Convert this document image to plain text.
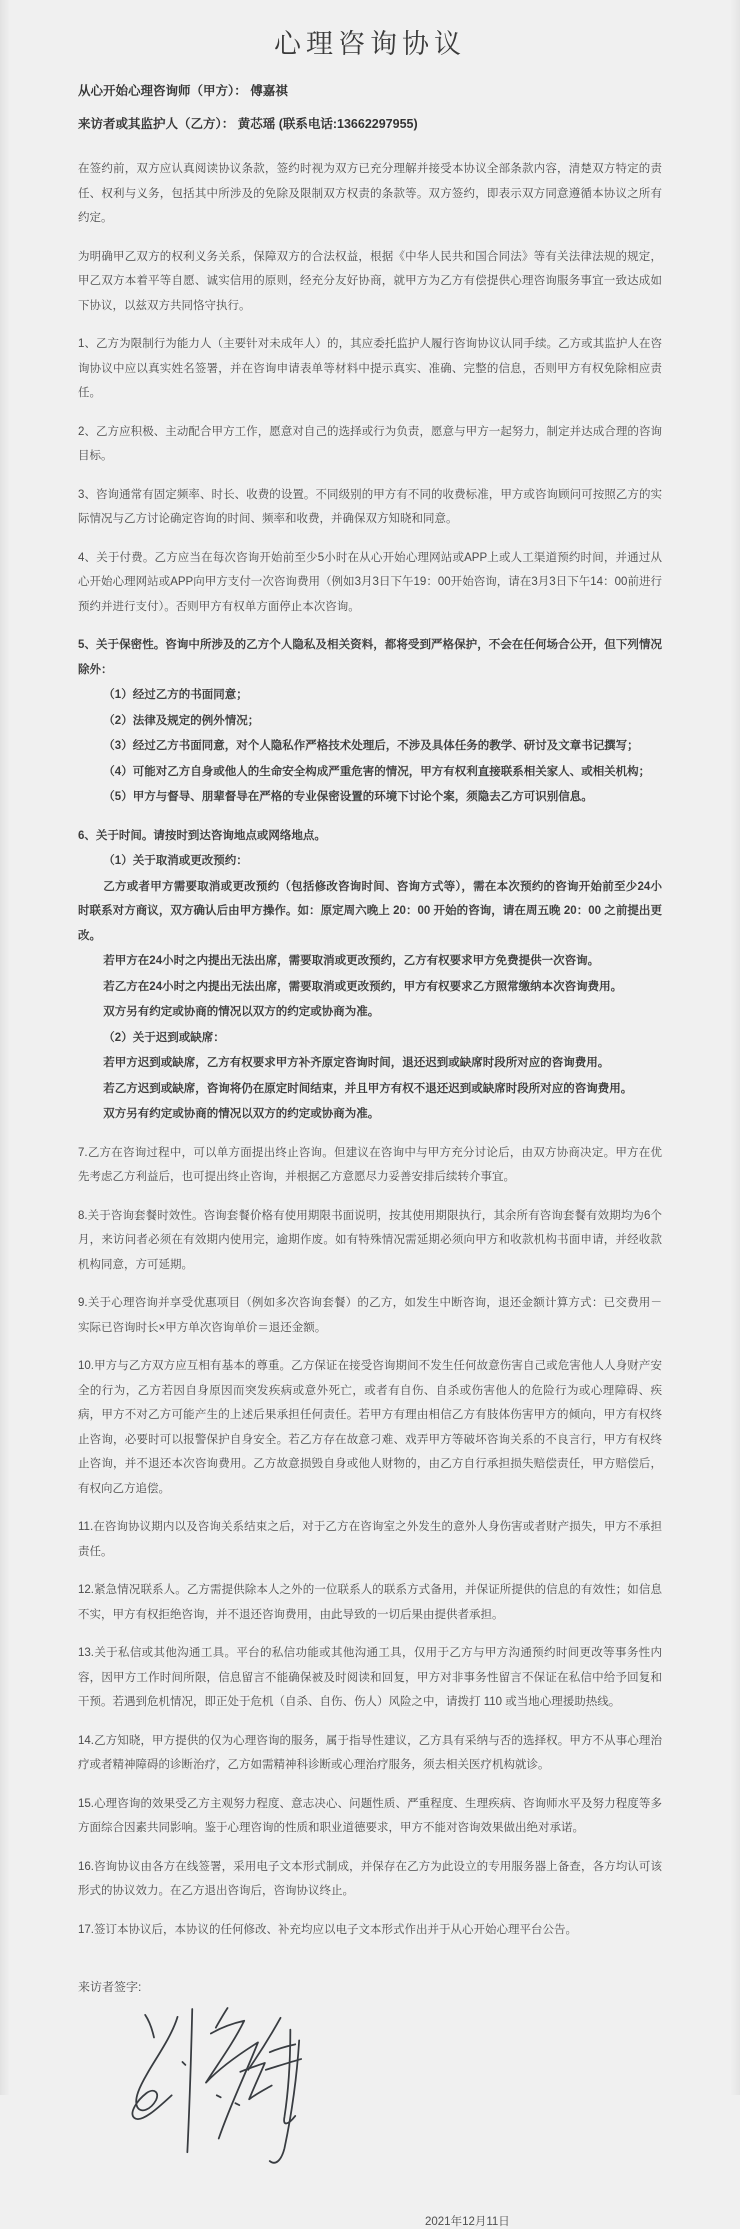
心理咨询协议

从心开始心理咨询师（甲方）： 傅嘉祺

来访者或其监护人（乙方）： 黄芯瑶 (联系电话:13662297955)

在签约前，双方应认真阅读协议条款，签约时视为双方已充分理解并接受本协议全部条款内容，清楚双方特定的责任、权利与义务，包括其中所涉及的免除及限制双方权责的条款等。双方签约，即表示双方同意遵循本协议之所有约定。

为明确甲乙双方的权利义务关系，保障双方的合法权益，根据《中华人民共和国合同法》等有关法律法规的规定，甲乙双方本着平等自愿、诚实信用的原则，经充分友好协商，就甲方为乙方有偿提供心理咨询服务事宜一致达成如下协议，以兹双方共同恪守执行。

1、乙方为限制行为能力人（主要针对未成年人）的，其应委托监护人履行咨询协议认同手续。乙方或其监护人在咨询协议中应以真实姓名签署，并在咨询申请表单等材料中提示真实、准确、完整的信息，否则甲方有权免除相应责任。

2、乙方应积极、主动配合甲方工作，愿意对自己的选择或行为负责，愿意与甲方一起努力，制定并达成合理的咨询目标。

3、咨询通常有固定频率、时长、收费的设置。不同级别的甲方有不同的收费标准，甲方或咨询顾问可按照乙方的实际情况与乙方讨论确定咨询的时间、频率和收费，并确保双方知晓和同意。

4、关于付费。乙方应当在每次咨询开始前至少5小时在从心开始心理网站或APP上或人工渠道预约时间，并通过从心开始心理网站或APP向甲方支付一次咨询费用（例如3月3日下午19：00开始咨询，请在3月3日下午14：00前进行预约并进行支付）。否则甲方有权单方面停止本次咨询。

5、关于保密性。咨询中所涉及的乙方个人隐私及相关资料，都将受到严格保护，不会在任何场合公开，但下列情况除外：

（1）经过乙方的书面同意；

（2）法律及规定的例外情况；

（3）经过乙方书面同意，对个人隐私作严格技术处理后，不涉及具体任务的教学、研讨及文章书记撰写；

（4）可能对乙方自身或他人的生命安全构成严重危害的情况，甲方有权利直接联系相关家人、或相关机构；

（5）甲方与督导、朋辈督导在严格的专业保密设置的环境下讨论个案，须隐去乙方可识别信息。

6、关于时间。请按时到达咨询地点或网络地点。

（1）关于取消或更改预约：

乙方或者甲方需要取消或更改预约（包括修改咨询时间、咨询方式等），需在本次预约的咨询开始前至少24小时联系对方商议，双方确认后由甲方操作。如：原定周六晚上 20：00 开始的咨询，请在周五晚 20：00 之前提出更改。

若甲方在24小时之内提出无法出席，需要取消或更改预约，乙方有权要求甲方免费提供一次咨询。

若乙方在24小时之内提出无法出席，需要取消或更改预约，甲方有权要求乙方照常缴纳本次咨询费用。

双方另有约定或协商的情况以双方的约定或协商为准。

（2）关于迟到或缺席：

若甲方迟到或缺席，乙方有权要求甲方补齐原定咨询时间，退还迟到或缺席时段所对应的咨询费用。

若乙方迟到或缺席，咨询将仍在原定时间结束，并且甲方有权不退还迟到或缺席时段所对应的咨询费用。

双方另有约定或协商的情况以双方的约定或协商为准。

7.乙方在咨询过程中，可以单方面提出终止咨询。但建议在咨询中与甲方充分讨论后，由双方协商决定。甲方在优先考虑乙方利益后，也可提出终止咨询，并根据乙方意愿尽力妥善安排后续转介事宜。

8.关于咨询套餐时效性。咨询套餐价格有使用期限书面说明，按其使用期限执行，其余所有咨询套餐有效期均为6个月，来访问者必须在有效期内使用完，逾期作废。如有特殊情况需延期必须向甲方和收款机构书面申请，并经收款机构同意，方可延期。

9.关于心理咨询并享受优惠项目（例如多次咨询套餐）的乙方，如发生中断咨询，退还金额计算方式：已交费用－实际已咨询时长×甲方单次咨询单价＝退还金额。

10.甲方与乙方双方应互相有基本的尊重。乙方保证在接受咨询期间不发生任何故意伤害自己或危害他人人身财产安全的行为，乙方若因自身原因而突发疾病或意外死亡，或者有自伤、自杀或伤害他人的危险行为或心理障碍、疾病，甲方不对乙方可能产生的上述后果承担任何责任。若甲方有理由相信乙方有肢体伤害甲方的倾向，甲方有权终止咨询，必要时可以报警保护自身安全。若乙方存在故意刁难、戏弄甲方等破坏咨询关系的不良言行，甲方有权终止咨询，并不退还本次咨询费用。乙方故意损毁自身或他人财物的，由乙方自行承担损失赔偿责任，甲方赔偿后，有权向乙方追偿。

11.在咨询协议期内以及咨询关系结束之后，对于乙方在咨询室之外发生的意外人身伤害或者财产损失，甲方不承担责任。

12.紧急情况联系人。乙方需提供除本人之外的一位联系人的联系方式备用，并保证所提供的信息的有效性；如信息不实，甲方有权拒绝咨询，并不退还咨询费用，由此导致的一切后果由提供者承担。

13.关于私信或其他沟通工具。平台的私信功能或其他沟通工具，仅用于乙方与甲方沟通预约时间更改等事务性内容，因甲方工作时间所限，信息留言不能确保被及时阅读和回复，甲方对非事务性留言不保证在私信中给予回复和干预。若遇到危机情况，即正处于危机（自杀、自伤、伤人）风险之中，请拨打 110 或当地心理援助热线。

14.乙方知晓，甲方提供的仅为心理咨询的服务，属于指导性建议，乙方具有采纳与否的选择权。甲方不从事心理治疗或者精神障碍的诊断治疗，乙方如需精神科诊断或心理治疗服务，须去相关医疗机构就诊。

15.心理咨询的效果受乙方主观努力程度、意志决心、问题性质、严重程度、生理疾病、咨询师水平及努力程度等多方面综合因素共同影响。鉴于心理咨询的性质和职业道德要求，甲方不能对咨询效果做出绝对承诺。

16.咨询协议由各方在线签署，采用电子文本形式制成，并保存在乙方为此设立的专用服务器上备查，各方均认可该形式的协议效力。在乙方退出咨询后，咨询协议终止。

17.签订本协议后，本协议的任何修改、补充均应以电子文本形式作出并于从心开始心理平台公告。

来访者签字:

2021年12月11日
